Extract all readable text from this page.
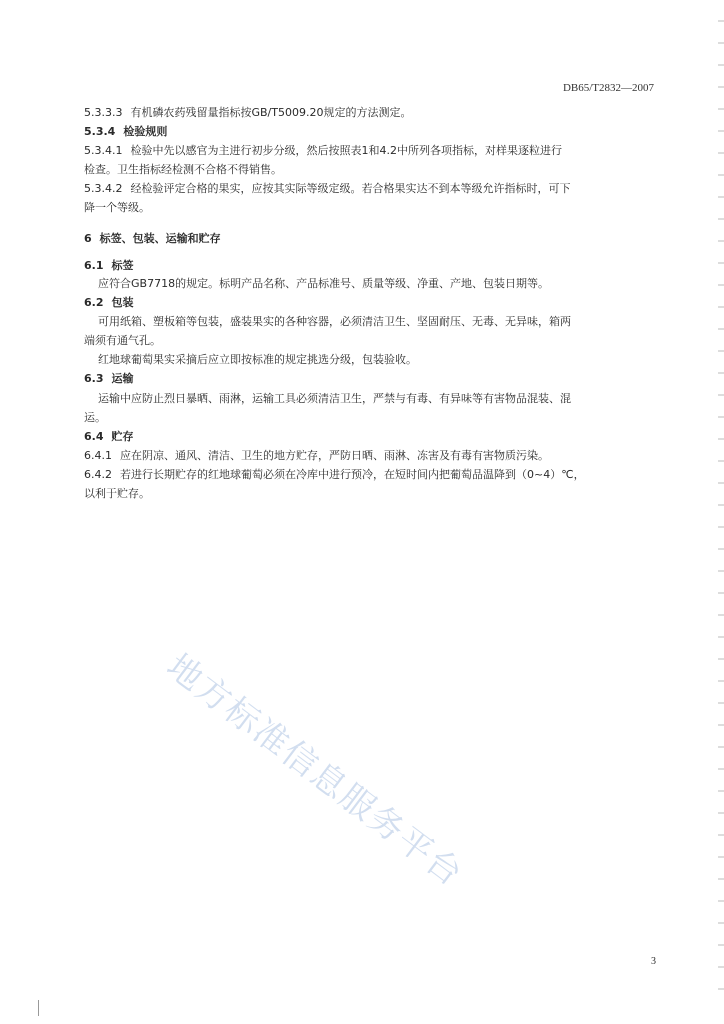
DB65/T2832—2007
5.3.3.3 有机磷农药残留量指标按GB/T5009.20规定的方法测定。
5.3.4 检验规则
5.3.4.1 检验中先以感官为主进行初步分级，然后按照表1和4.2中所列各项指标，对样果逐粒进行
检查。卫生指标经检测不合格不得销售。
5.3.4.2 经检验评定合格的果实，应按其实际等级定级。若合格果实达不到本等级允许指标时，可下
降一个等级。
6 标签、包装、运输和贮存
6.1 标签
应符合GB7718的规定。标明产品名称、产品标准号、质量等级、净重、产地、包装日期等。
6.2 包装
可用纸箱、塑板箱等包装，盛装果实的各种容器，必须清洁卫生、坚固耐压、无毒、无异味，箱两
端须有通气孔。
红地球葡萄果实采摘后应立即按标准的规定挑选分级，包装验收。
6.3 运输
运输中应防止烈日暴晒、雨淋，运输工具必须清洁卫生，严禁与有毒、有异味等有害物品混装、混
运。
6.4 贮存
6.4.1 应在阴凉、通风、清洁、卫生的地方贮存，严防日晒、雨淋、冻害及有毒有害物质污染。
6.4.2 若进行长期贮存的红地球葡萄必须在冷库中进行预冷，在短时间内把葡萄品温降到（0~4）℃，
以利于贮存。
地方标准信息服务平台
3
